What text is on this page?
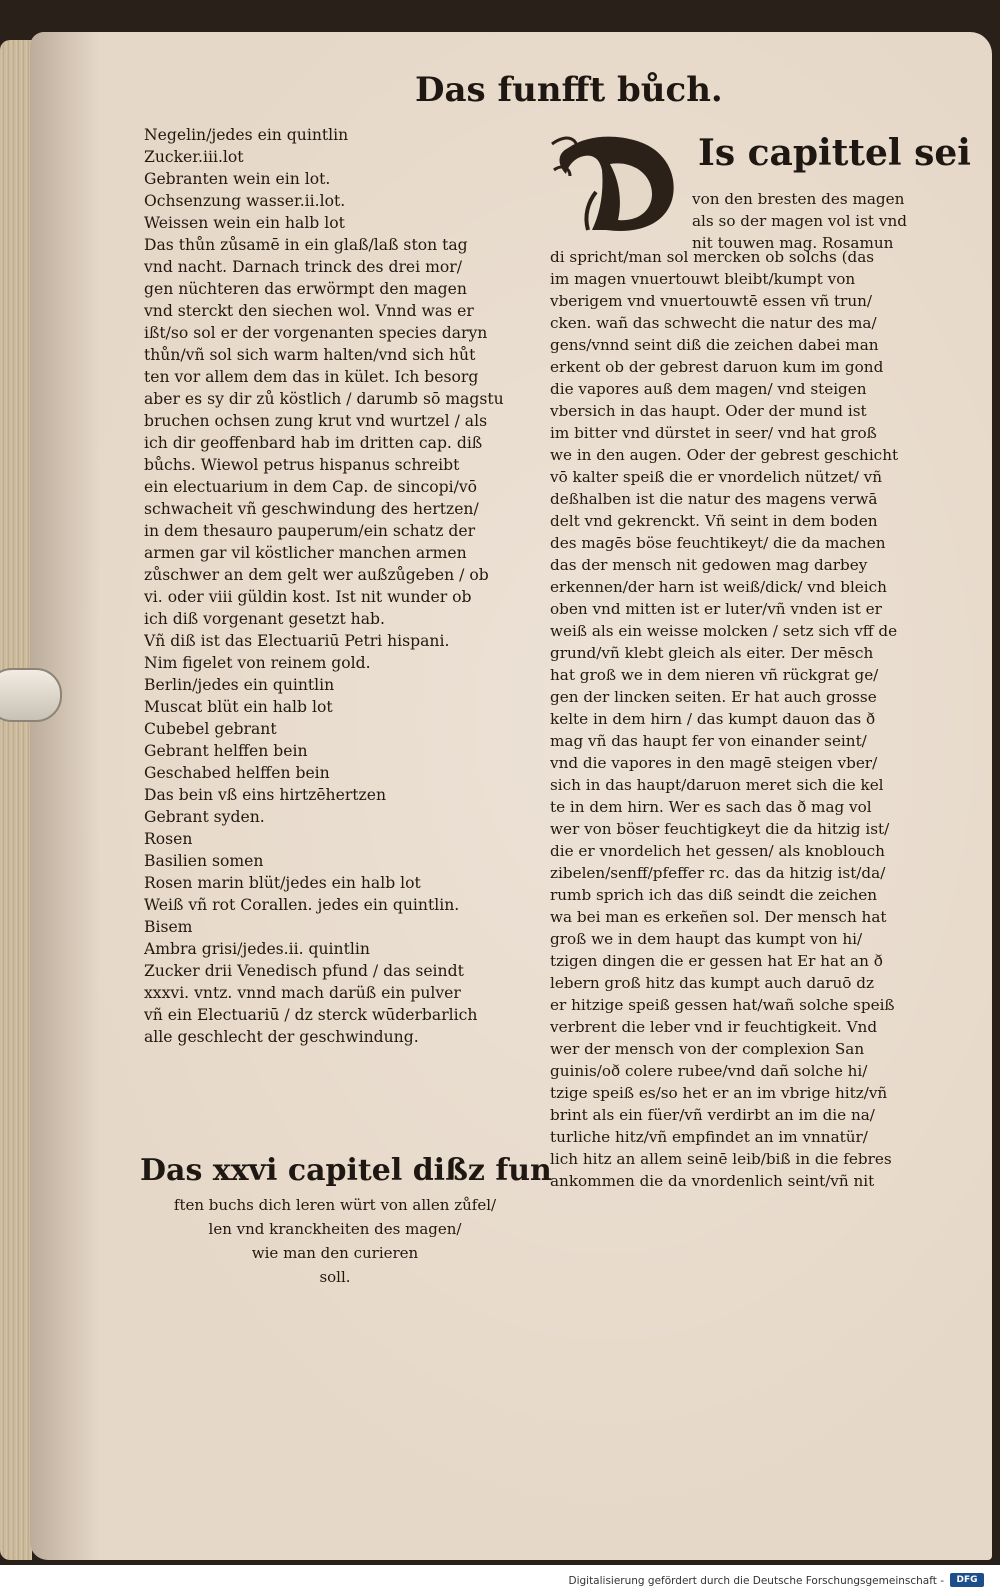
Das funfft bůch.
Negelin/jedes ein quintlin
Zucker.iii.lot
Gebranten wein ein lot.
Ochsenzung wasser.ii.lot.
Weissen wein ein halb lot
Das thůn zůsamē in ein glaß/laß ston tag
vnd nacht. Darnach trinck des drei mor/
gen nüchteren das erwörmpt den magen
vnd sterckt den siechen wol. Vnnd was er
ißt/so sol er der vorgenanten species daryn
thůn/vñ sol sich warm halten/vnd sich hůt
ten vor allem dem das in kület. Ich besorg
aber es sy dir zů köstlich / darumb sō magstu
bruchen ochsen zung krut vnd wurtzel / als
ich dir geoffenbard hab im dritten cap. diß
bůchs. Wiewol petrus hispanus schreibt
ein electuarium in dem Cap. de sincopi/vō
schwacheit vñ geschwindung des hertzen/
in dem thesauro pauperum/ein schatz der
armen gar vil köstlicher manchen armen
zůschwer an dem gelt wer außzůgeben / ob
vi. oder viii güldin kost. Ist nit wunder ob
ich diß vorgenant gesetzt hab.
Vñ diß ist das Electuariū Petri hispani.
Nim figelet von reinem gold.
Berlin/jedes ein quintlin
Muscat blüt ein halb lot
Cubebel gebrant
Gebrant helffen bein
Geschabed helffen bein
Das bein vß eins hirtzēhertzen
Gebrant syden.
Rosen
Basilien somen
Rosen marin blüt/jedes ein halb lot
Weiß vñ rot Corallen. jedes ein quintlin.
Bisem
Ambra grisi/jedes.ii. quintlin
Zucker drii Venedisch pfund / das seindt
xxxvi. vntz. vnnd mach darüß ein pulver
vñ ein Electuariū / dz sterck wūderbarlich
alle geschlecht der geschwindung.
Das xxvi capitel dißz fun
ften buchs dich leren würt von allen zůfel/
len vnd kranckheiten des magen/
wie man den curieren
soll.
Is capittel sei
von den bresten des magen
als so der magen vol ist vnd
nit touwen mag. Rosamun
di spricht/man sol mercken ob solchs (das
im magen vnuertouwt bleibt/kumpt von
vberigem vnd vnuertouwtē essen vñ trun/
cken. wañ das schwecht die natur des ma/
gens/vnnd seint diß die zeichen dabei man
erkent ob der gebrest daruon kum im gond
die vapores auß dem magen/ vnd steigen
vbersich in das haupt. Oder der mund ist
im bitter vnd dürstet in seer/ vnd hat groß
we in den augen. Oder der gebrest geschicht
vō kalter speiß die er vnordelich nützet/ vñ
deßhalben ist die natur des magens verwā
delt vnd gekrenckt. Vñ seint in dem boden
des magēs böse feuchtikeyt/ die da machen
das der mensch nit gedowen mag darbey
erkennen/der harn ist weiß/dick/ vnd bleich
oben vnd mitten ist er luter/vñ vnden ist er
weiß als ein weisse molcken / setz sich vff de
grund/vñ klebt gleich als eiter. Der mēsch
hat groß we in dem nieren vñ rückgrat ge/
gen der lincken seiten. Er hat auch grosse
kelte in dem hirn / das kumpt dauon das ð
mag vñ das haupt fer von einander seint/
vnd die vapores in den magē steigen vber/
sich in das haupt/daruon meret sich die kel
te in dem hirn. Wer es sach das ð mag vol
wer von böser feuchtigkeyt die da hitzig ist/
die er vnordelich het gessen/ als knoblouch
zibelen/senff/pfeffer rc. das da hitzig ist/da/
rumb sprich ich das diß seindt die zeichen
wa bei man es erkeñen sol. Der mensch hat
groß we in dem haupt das kumpt von hi/
tzigen dingen die er gessen hat Er hat an ð
lebern groß hitz das kumpt auch daruō dz
er hitzige speiß gessen hat/wañ solche speiß
verbrent die leber vnd ir feuchtigkeit. Vnd
wer der mensch von der complexion San
guinis/oð colere rubee/vnd dañ solche hi/
tzige speiß es/so het er an im vbrige hitz/vñ
brint als ein füer/vñ verdirbt an im die na/
turliche hitz/vñ empfindet an im vnnatür/
lich hitz an allem seinē leib/biß in die febres
ankommen die da vnordenlich seint/vñ nit
Digitalisierung gefördert durch die Deutsche Forschungsgemeinschaft -	DFG
